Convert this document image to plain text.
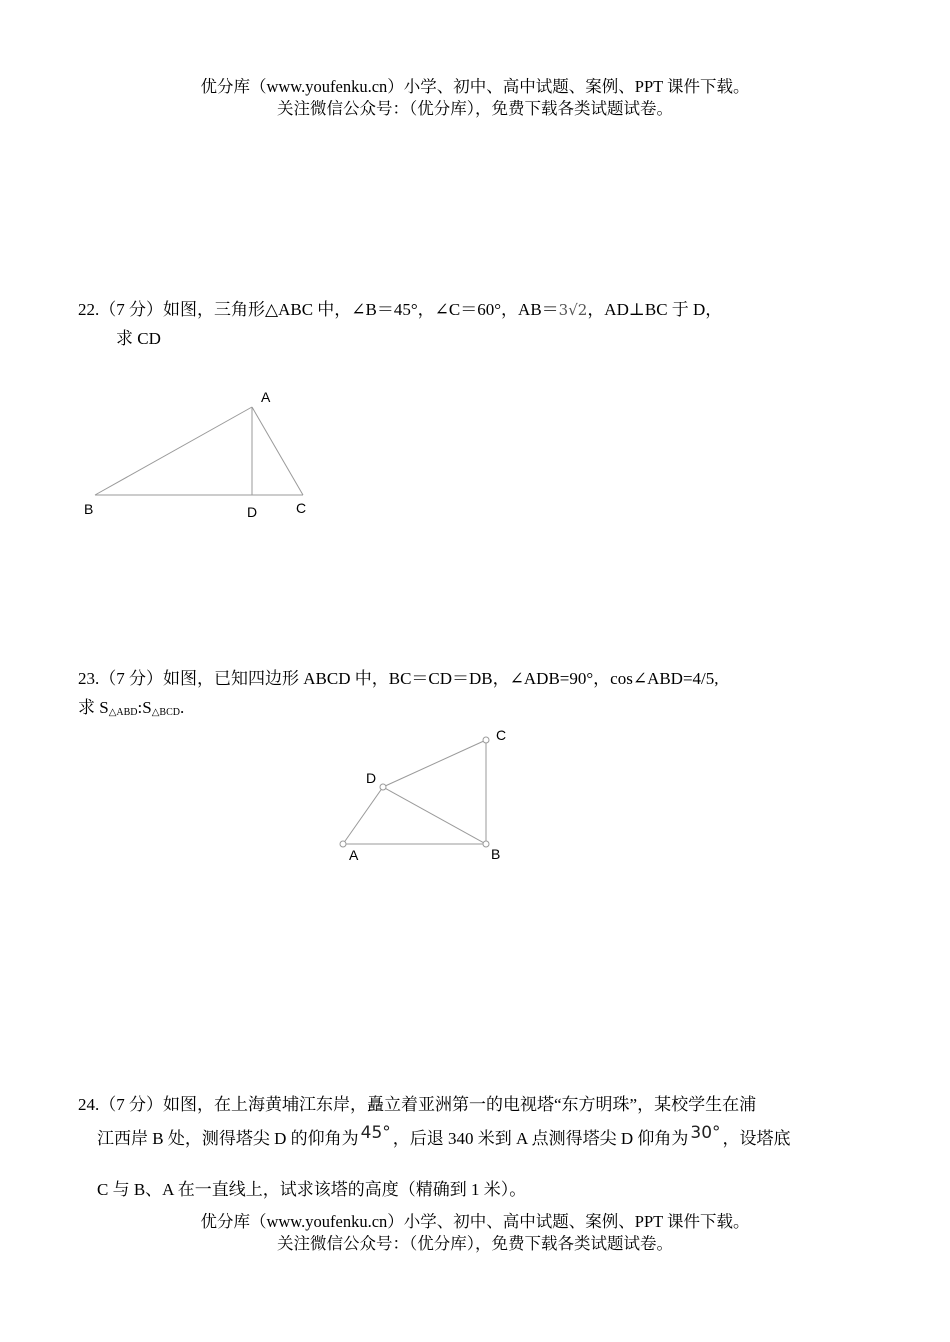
优分库（www.youfenku.cn）小学、初中、高中试题、案例、PPT 课件下载。
关注微信公众号：（优分库），免费下载各类试题试卷。
22.（7 分）如图，三角形△ABC 中，∠B＝45°，∠C＝60°，AB＝3√2，AD⊥BC 于 D，
求 CD
A
B	D	C
23.（7 分）如图，已知四边形 ABCD 中，BC＝CD＝DB，∠ADB=90°，cos∠ABD=4/5,
求 $S_{\triangle ABD}:S_{\triangle BCD}$.
C
D
A	B
24.（7 分）如图，在上海黄埔江东岸，矗立着亚洲第一的电视塔“东方明珠”，某校学生在浦
江西岸 B 处，测得塔尖 D 的仰角为 45° ，后退 340 米到 A 点测得塔尖 D 仰角为 30° ，设塔底
C 与 B、A 在一直线上，试求该塔的高度（精确到 1 米）。
优分库（www.youfenku.cn）小学、初中、高中试题、案例、PPT 课件下载。
关注微信公众号：（优分库），免费下载各类试题试卷。
